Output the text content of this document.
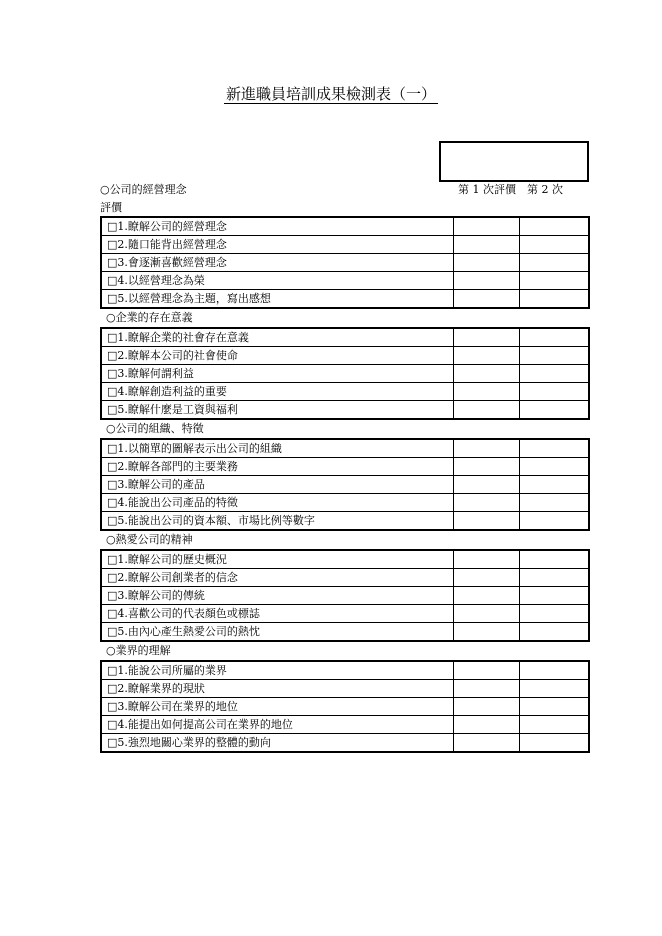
新進職員培訓成果檢測表（一）
○公司的經營理念	第 1 次評價 第 2 次
評價
□1.瞭解公司的經營理念		
□2.隨口能背出經營理念		
□3.會逐漸喜歡經營理念		
□4.以經營理念為榮		
□5.以經營理念為主題，寫出感想		
○企業的存在意義
□1.瞭解企業的社會存在意義		
□2.瞭解本公司的社會使命		
□3.瞭解何謂利益		
□4.瞭解創造利益的重要		
□5.瞭解什麼是工資與福利		
○公司的組織、特徵
□1.以簡單的圖解表示出公司的組織		
□2.瞭解各部門的主要業務		
□3.瞭解公司的產品		
□4.能說出公司產品的特徵		
□5.能說出公司的資本額、市場比例等數字		
○熱愛公司的精神
□1.瞭解公司的歷史概況		
□2.瞭解公司創業者的信念		
□3.瞭解公司的傳統		
□4.喜歡公司的代表顏色或標誌		
□5.由內心產生熱愛公司的熱忱		
○業界的理解
□1.能說公司所屬的業界		
□2.瞭解業界的現狀		
□3.瞭解公司在業界的地位		
□4.能提出如何提高公司在業界的地位		
□5.強烈地關心業界的整體的動向		
